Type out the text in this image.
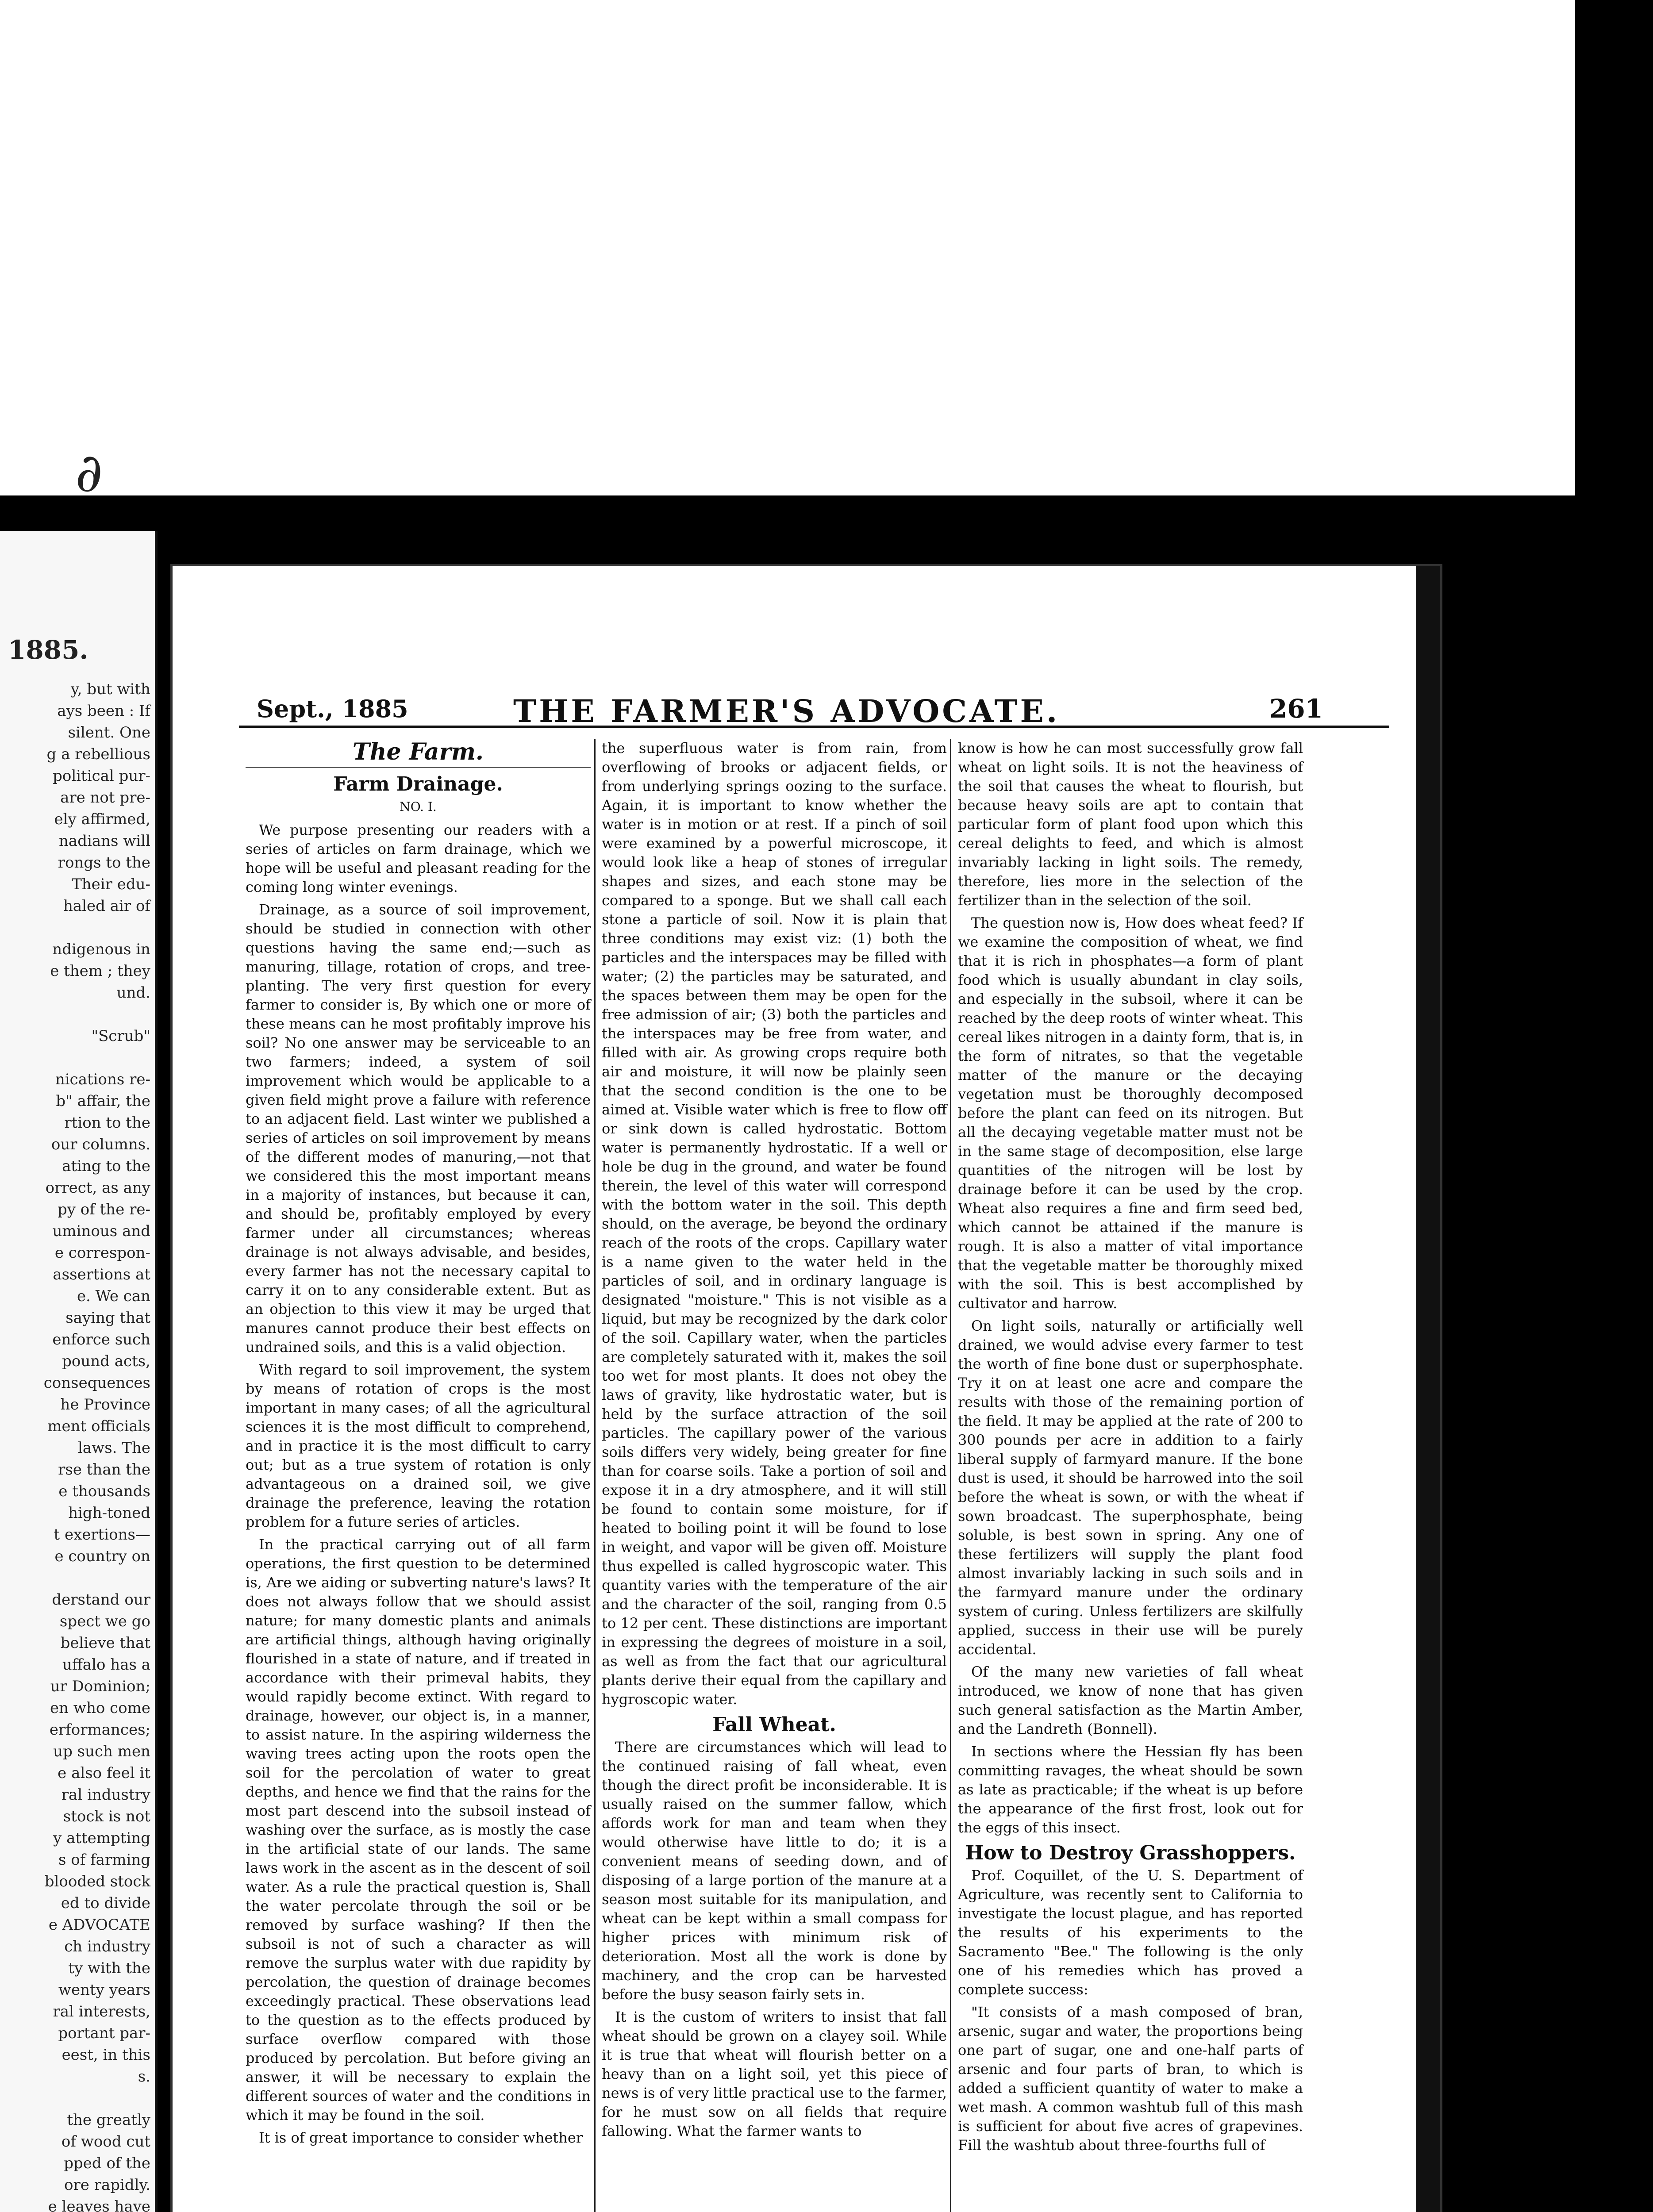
∂
1885.
y, but with
ays been : If
silent. One
g a rebellious
political pur-
are not pre-
ely affirmed,
nadians will
rongs to the
Their edu-
haled air of

ndigenous in
e them ; they
und.

"Scrub"

nications re-
b" affair, the
rtion to the
our columns.
ating to the
orrect, as any
py of the re-
uminous and
e correspon-
assertions at
e. We can
saying that
enforce such
pound acts,
consequences
he Province
ment officials
laws. The
rse than the
e thousands
high-toned
t exertions—
e country on

derstand our
spect we go
believe that
uffalo has a
ur Dominion;
en who come
erformances;
up such men
e also feel it
ral industry
stock is not
y attempting
s of farming
blooded stock
ed to divide
e ADVOCATE
ch industry
ty with the
wenty years
ral interests,
portant par-
eest, in this
s.

the greatly
of wood cut
pped of the
ore rapidly.
e leaves have
Sept., 1885	THE FARMER'S ADVOCATE.	261
The Farm.
Farm Drainage.
NO. I.

We purpose presenting our readers with a series of articles on farm drainage, which we hope will be useful and pleasant reading for the coming long winter evenings.

Drainage, as a source of soil improvement, should be studied in connection with other questions having the same end;—such as manuring, tillage, rotation of crops, and tree-planting. The very first question for every farmer to consider is, By which one or more of these means can he most profitably improve his soil? No one answer may be serviceable to an two farmers; indeed, a system of soil improvement which would be applicable to a given field might prove a failure with reference to an adjacent field. Last winter we published a series of articles on soil improvement by means of the different modes of manuring,—not that we considered this the most important means in a majority of instances, but because it can, and should be, profitably employed by every farmer under all circumstances; whereas drainage is not always advisable, and besides, every farmer has not the necessary capital to carry it on to any considerable extent. But as an objection to this view it may be urged that manures cannot produce their best effects on undrained soils, and this is a valid objection.

With regard to soil improvement, the system by means of rotation of crops is the most important in many cases; of all the agricultural sciences it is the most difficult to comprehend, and in practice it is the most difficult to carry out; but as a true system of rotation is only advantageous on a drained soil, we give drainage the preference, leaving the rotation problem for a future series of articles.

In the practical carrying out of all farm operations, the first question to be determined is, Are we aiding or subverting nature's laws? It does not always follow that we should assist nature; for many domestic plants and animals are artificial things, although having originally flourished in a state of nature, and if treated in accordance with their primeval habits, they would rapidly become extinct. With regard to drainage, however, our object is, in a manner, to assist nature. In the aspiring wilderness the waving trees acting upon the roots open the soil for the percolation of water to great depths, and hence we find that the rains for the most part descend into the subsoil instead of washing over the surface, as is mostly the case in the artificial state of our lands. The same laws work in the ascent as in the descent of soil water. As a rule the practical question is, Shall the water percolate through the soil or be removed by surface washing? If then the subsoil is not of such a character as will remove the surplus water with due rapidity by percolation, the question of drainage becomes exceedingly practical. These observations lead to the question as to the effects produced by surface overflow compared with those produced by percolation. But before giving an answer, it will be necessary to explain the different sources of water and the conditions in which it may be found in the soil.

It is of great importance to consider whether

the superfluous water is from rain, from overflowing of brooks or adjacent fields, or from underlying springs oozing to the surface. Again, it is important to know whether the water is in motion or at rest. If a pinch of soil were examined by a powerful microscope, it would look like a heap of stones of irregular shapes and sizes, and each stone may be compared to a sponge. But we shall call each stone a particle of soil. Now it is plain that three conditions may exist viz: (1) both the particles and the interspaces may be filled with water; (2) the particles may be saturated, and the spaces between them may be open for the free admission of air; (3) both the particles and the interspaces may be free from water, and filled with air. As growing crops require both air and moisture, it will now be plainly seen that the second condition is the one to be aimed at. Visible water which is free to flow off or sink down is called hydrostatic. Bottom water is permanently hydrostatic. If a well or hole be dug in the ground, and water be found therein, the level of this water will correspond with the bottom water in the soil. This depth should, on the average, be beyond the ordinary reach of the roots of the crops. Capillary water is a name given to the water held in the particles of soil, and in ordinary language is designated "moisture." This is not visible as a liquid, but may be recognized by the dark color of the soil. Capillary water, when the particles are completely saturated with it, makes the soil too wet for most plants. It does not obey the laws of gravity, like hydrostatic water, but is held by the surface attraction of the soil particles. The capillary power of the various soils differs very widely, being greater for fine than for coarse soils. Take a portion of soil and expose it in a dry atmosphere, and it will still be found to contain some moisture, for if heated to boiling point it will be found to lose in weight, and vapor will be given off. Moisture thus expelled is called hygroscopic water. This quantity varies with the temperature of the air and the character of the soil, ranging from 0.5 to 12 per cent. These distinctions are important in expressing the degrees of moisture in a soil, as well as from the fact that our agricultural plants derive their equal from the capillary and hygroscopic water.

Fall Wheat.

There are circumstances which will lead to the continued raising of fall wheat, even though the direct profit be inconsiderable. It is usually raised on the summer fallow, which affords work for man and team when they would otherwise have little to do; it is a convenient means of seeding down, and of disposing of a large portion of the manure at a season most suitable for its manipulation, and wheat can be kept within a small compass for higher prices with minimum risk of deterioration. Most all the work is done by machinery, and the crop can be harvested before the busy season fairly sets in.

It is the custom of writers to insist that fall wheat should be grown on a clayey soil. While it is true that wheat will flourish better on a heavy than on a light soil, yet this piece of news is of very little practical use to the farmer, for he must sow on all fields that require fallowing. What the farmer wants to

know is how he can most successfully grow fall wheat on light soils. It is not the heaviness of the soil that causes the wheat to flourish, but because heavy soils are apt to contain that particular form of plant food upon which this cereal delights to feed, and which is almost invariably lacking in light soils. The remedy, therefore, lies more in the selection of the fertilizer than in the selection of the soil.

The question now is, How does wheat feed? If we examine the composition of wheat, we find that it is rich in phosphates—a form of plant food which is usually abundant in clay soils, and especially in the subsoil, where it can be reached by the deep roots of winter wheat. This cereal likes nitrogen in a dainty form, that is, in the form of nitrates, so that the vegetable matter of the manure or the decaying vegetation must be thoroughly decomposed before the plant can feed on its nitrogen. But all the decaying vegetable matter must not be in the same stage of decomposition, else large quantities of the nitrogen will be lost by drainage before it can be used by the crop. Wheat also requires a fine and firm seed bed, which cannot be attained if the manure is rough. It is also a matter of vital importance that the vegetable matter be thoroughly mixed with the soil. This is best accomplished by cultivator and harrow.

On light soils, naturally or artificially well drained, we would advise every farmer to test the worth of fine bone dust or superphosphate. Try it on at least one acre and compare the results with those of the remaining portion of the field. It may be applied at the rate of 200 to 300 pounds per acre in addition to a fairly liberal supply of farmyard manure. If the bone dust is used, it should be harrowed into the soil before the wheat is sown, or with the wheat if sown broadcast. The superphosphate, being soluble, is best sown in spring. Any one of these fertilizers will supply the plant food almost invariably lacking in such soils and in the farmyard manure under the ordinary system of curing. Unless fertilizers are skilfully applied, success in their use will be purely accidental.

Of the many new varieties of fall wheat introduced, we know of none that has given such general satisfaction as the Martin Amber, and the Landreth (Bonnell).

In sections where the Hessian fly has been committing ravages, the wheat should be sown as late as practicable; if the wheat is up before the appearance of the first frost, look out for the eggs of this insect.

How to Destroy Grasshoppers.

Prof. Coquillet, of the U. S. Department of Agriculture, was recently sent to California to investigate the locust plague, and has reported the results of his experiments to the Sacramento "Bee." The following is the only one of his remedies which has proved a complete success:

"It consists of a mash composed of bran, arsenic, sugar and water, the proportions being one part of sugar, one and one-half parts of arsenic and four parts of bran, to which is added a sufficient quantity of water to make a wet mash. A common washtub full of this mash is sufficient for about five acres of grapevines. Fill the washtub about three-fourths full of
